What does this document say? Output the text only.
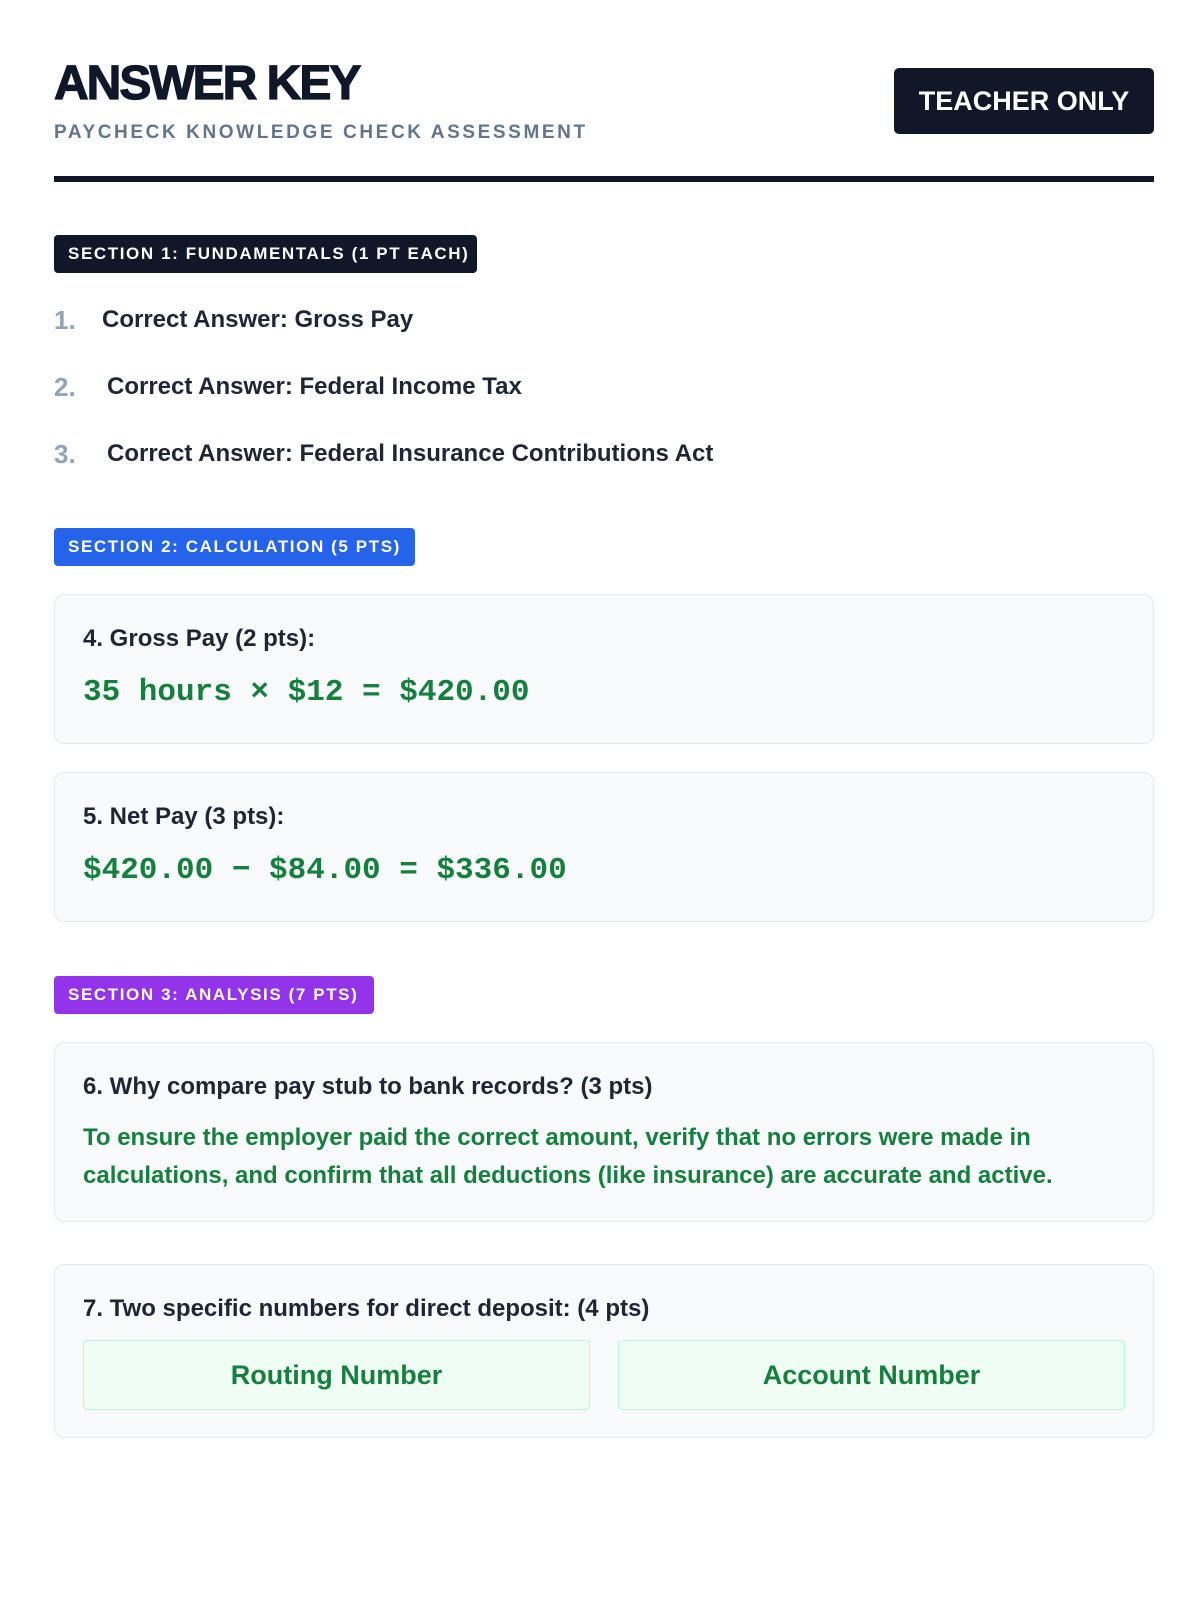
ANSWER KEY
PAYCHECK KNOWLEDGE CHECK ASSESSMENT
TEACHER ONLY
SECTION 1: FUNDAMENTALS (1 PT EACH)
1.	Correct Answer: Gross Pay
2.	Correct Answer: Federal Income Tax
3.	Correct Answer: Federal Insurance Contributions Act
SECTION 2: CALCULATION (5 PTS)
4. Gross Pay (2 pts):
35 hours × $12 = $420.00
5. Net Pay (3 pts):
$420.00 − $84.00 = $336.00
SECTION 3: ANALYSIS (7 PTS)
6. Why compare pay stub to bank records? (3 pts)
To ensure the employer paid the correct amount, verify that no errors were made in calculations, and confirm that all deductions (like insurance) are accurate and active.
7. Two specific numbers for direct deposit: (4 pts)
Routing Number	Account Number
